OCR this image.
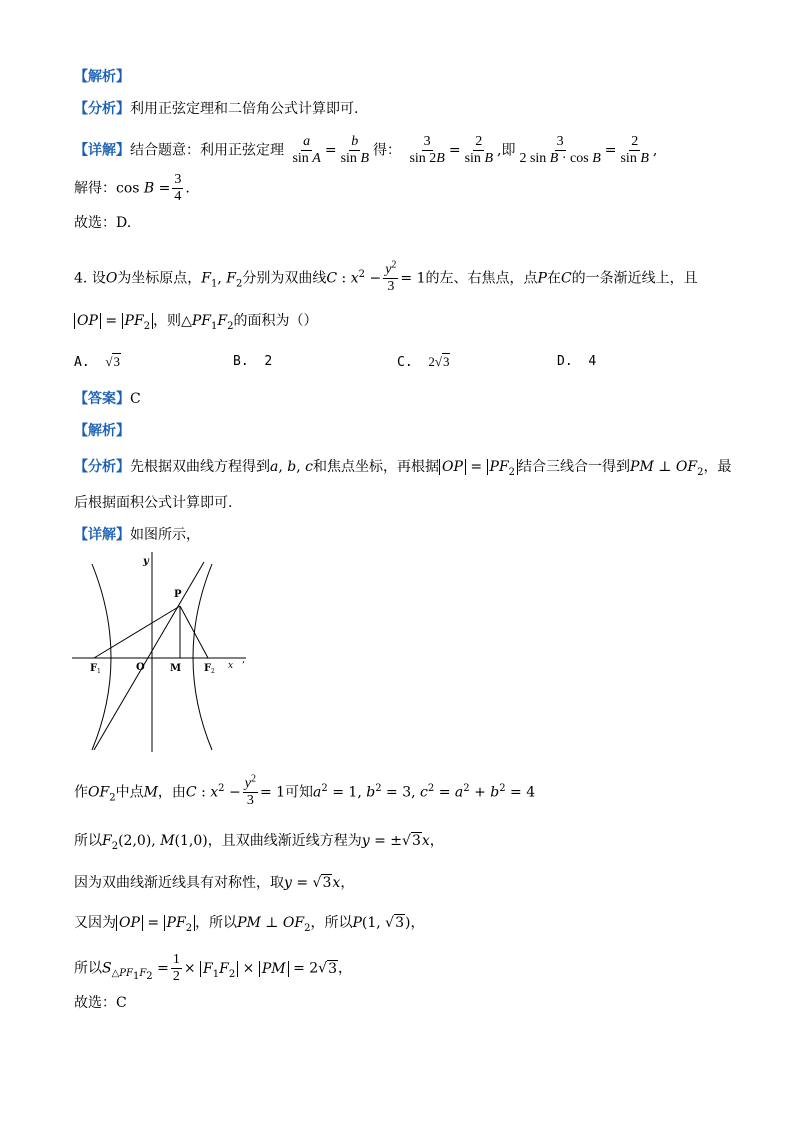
【解析】
【分析】利用正弦定理和二倍角公式计算即可.
【详解】结合题意：利用正弦定理 $\frac{a}{\text{sin A}} = \frac{b}{\text{sin B}}$ 得： $\frac{3}{\sin 2B} = \frac{2}{\text{sin B}}$ ,即 $\frac{3}{\text{2 sin B · cos B}} = \frac{2}{\text{sin B}}$ ,
解得：$\cos B = \frac{3}{4}$ .
故选：D.
4. 设O为坐标原点，$F_1$, $F_2$分别为双曲线C : $x^2 - \frac{y^2}{3} = 1$的左、右焦点，点P在C的一条渐近线上，且
OP = $PF_2$ ，则$\triangle PF_1F_2$的面积为（）
A. √3	B. 2	C. 2√3	D. 4
【答案】C
【解析】
【分析】先根据双曲线方程得到a, b, c和焦点坐标，再根据 OP = $PF_2$ 结合三线合一得到PM ⊥ $OF_2$，最
后根据面积公式计算即可.
【详解】如图所示，
y
x
,
P
O	M
F 1	F 2
作$OF_2$中点M，由C : $x^2 - \frac{y^2}{3} = 1$可知$a^2 = 1$, $b^2 = 3$, $c^2 = a^2 + b^2 = 4$
所以$F_2(2,0)$, M(1,0)，且双曲线渐近线方程为y = ±√3x，
因为双曲线渐近线具有对称性，取y = √3x，
又因为 OP = $PF_2$ ，所以PM ⊥ $OF_2$，所以P(1, √3)，
所以$S_{\triangle PF_1F_2} = \frac{1}{2} \times F_1F_2$ × PM = 2√3，
故选：C
